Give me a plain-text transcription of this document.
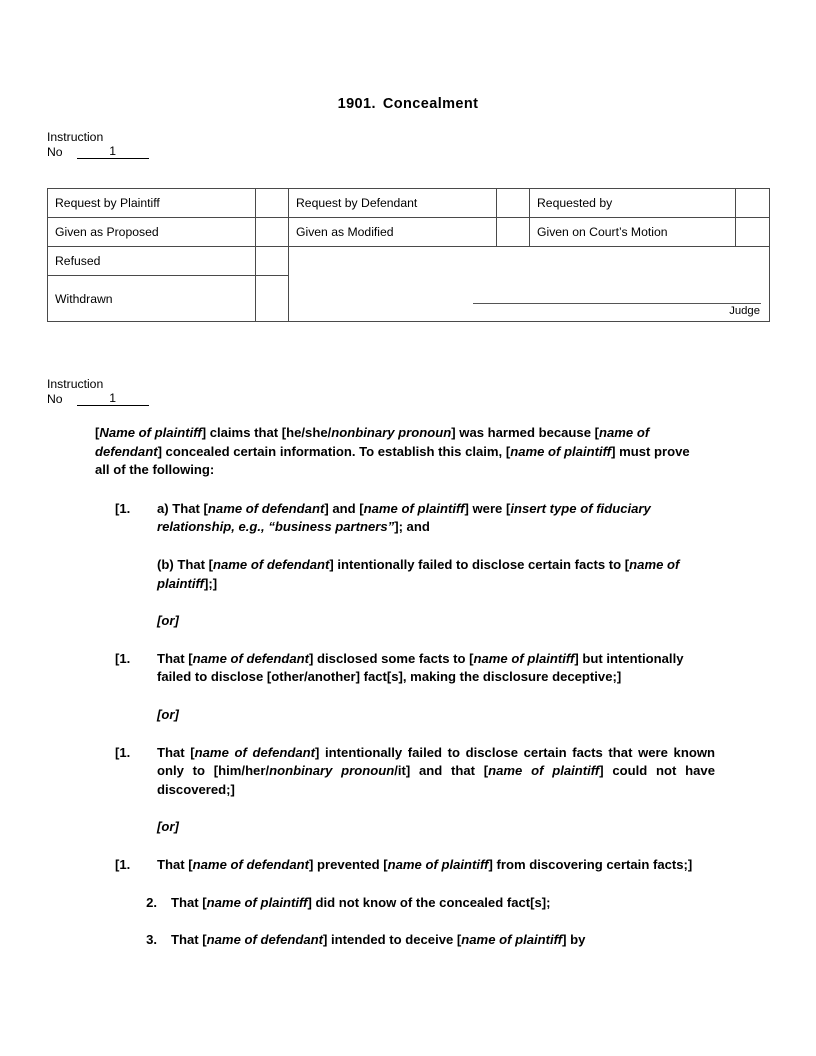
1901. Concealment
Instruction
No	1
Request by Plaintiff		Request by Defendant		Requested by	
Given as Proposed		Given as Modified		Given on Court’s Motion	
Refused		Judge			

Withdrawn					
Instruction
No	1

[Name of plaintiff] claims that [he/she/nonbinary pronoun] was harmed because [name of defendant] concealed certain information. To establish this claim, [name of plaintiff] must prove all of the following:

[1.	a) That [name of defendant] and [name of plaintiff] were [insert type of fiduciary relationship, e.g., “business partners”]; and
(b) That [name of defendant] intentionally failed to disclose certain facts to [name of plaintiff];]
[or]
[1.	That [name of defendant] disclosed some facts to [name of plaintiff] but intentionally failed to disclose [other/another] fact[s], making the disclosure deceptive;]
[or]
[1.	That [name of defendant] intentionally failed to disclose certain facts that were known only to [him/her/nonbinary pronoun/it] and that [name of plaintiff] could not have discovered;]
[or]
[1.	That [name of defendant] prevented [name of plaintiff] from discovering certain facts;]
2.	That [name of plaintiff] did not know of the concealed fact[s];
3.	That [name of defendant] intended to deceive [name of plaintiff] by
